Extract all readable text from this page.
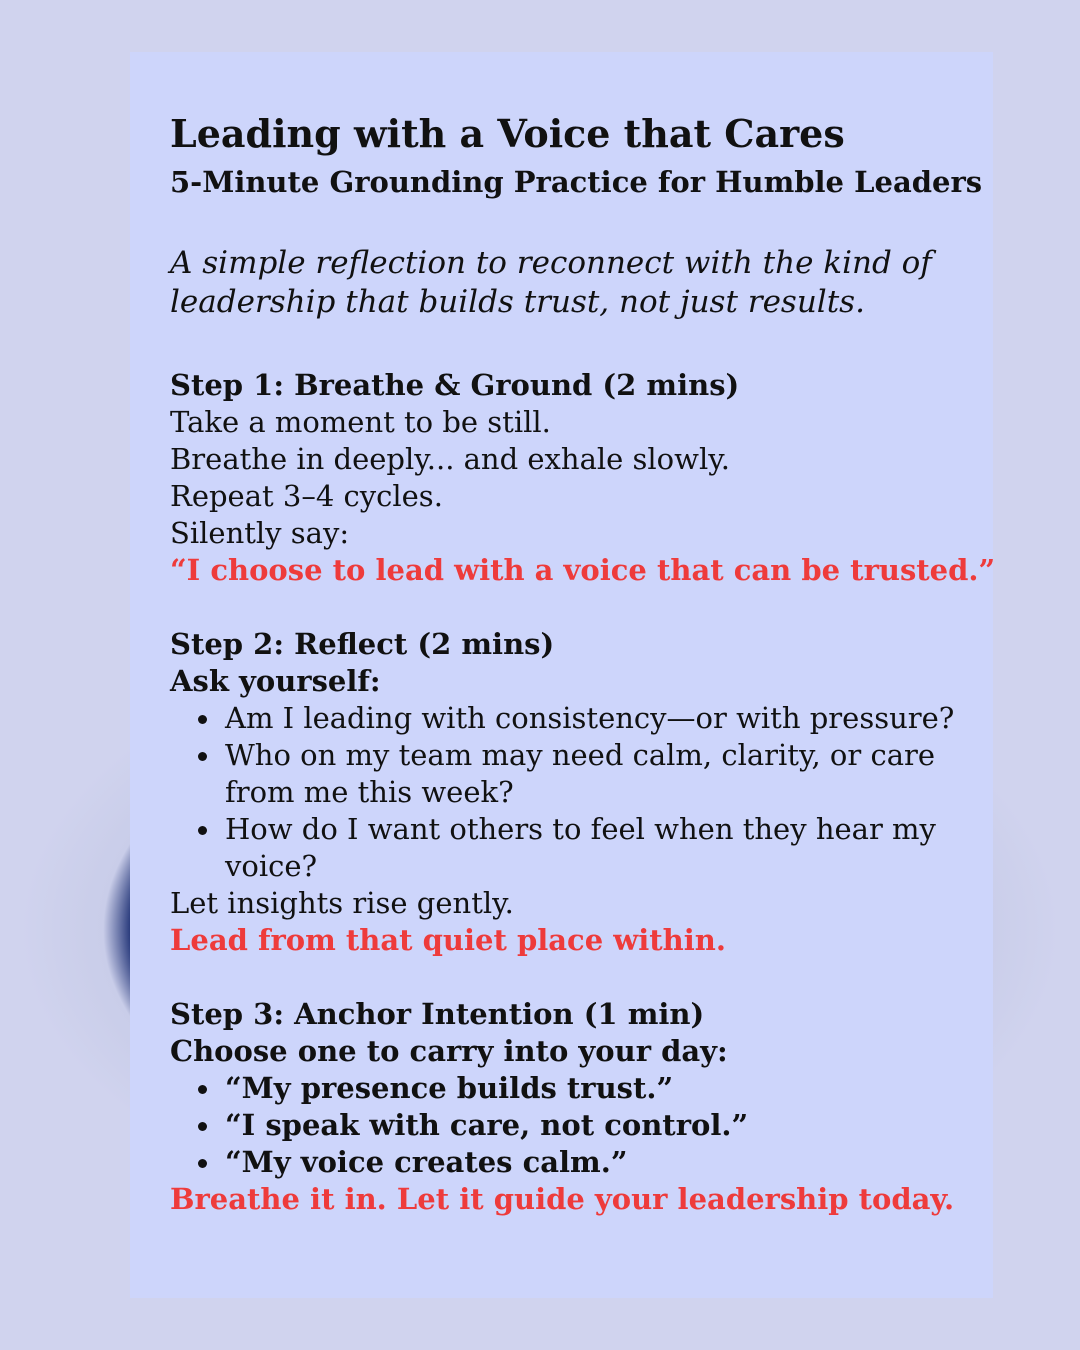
Leading with a Voice that Cares
5-Minute Grounding Practice for Humble Leaders
A simple reflection to reconnect with the kind of
leadership that builds trust, not just results.
Step 1: Breathe & Ground (2 mins)
Take a moment to be still.
Breathe in deeply... and exhale slowly.
Repeat 3–4 cycles.
Silently say:
“I choose to lead with a voice that can be trusted.”
Step 2: Reflect (2 mins)
Ask yourself:
Am I leading with consistency—or with pressure?
Who on my team may need calm, clarity, or care from me this week?
How do I want others to feel when they hear my voice?
Let insights rise gently.
Lead from that quiet place within.
Step 3: Anchor Intention (1 min)
Choose one to carry into your day:
“My presence builds trust.”
“I speak with care, not control.”
“My voice creates calm.”
Breathe it in. Let it guide your leadership today.
